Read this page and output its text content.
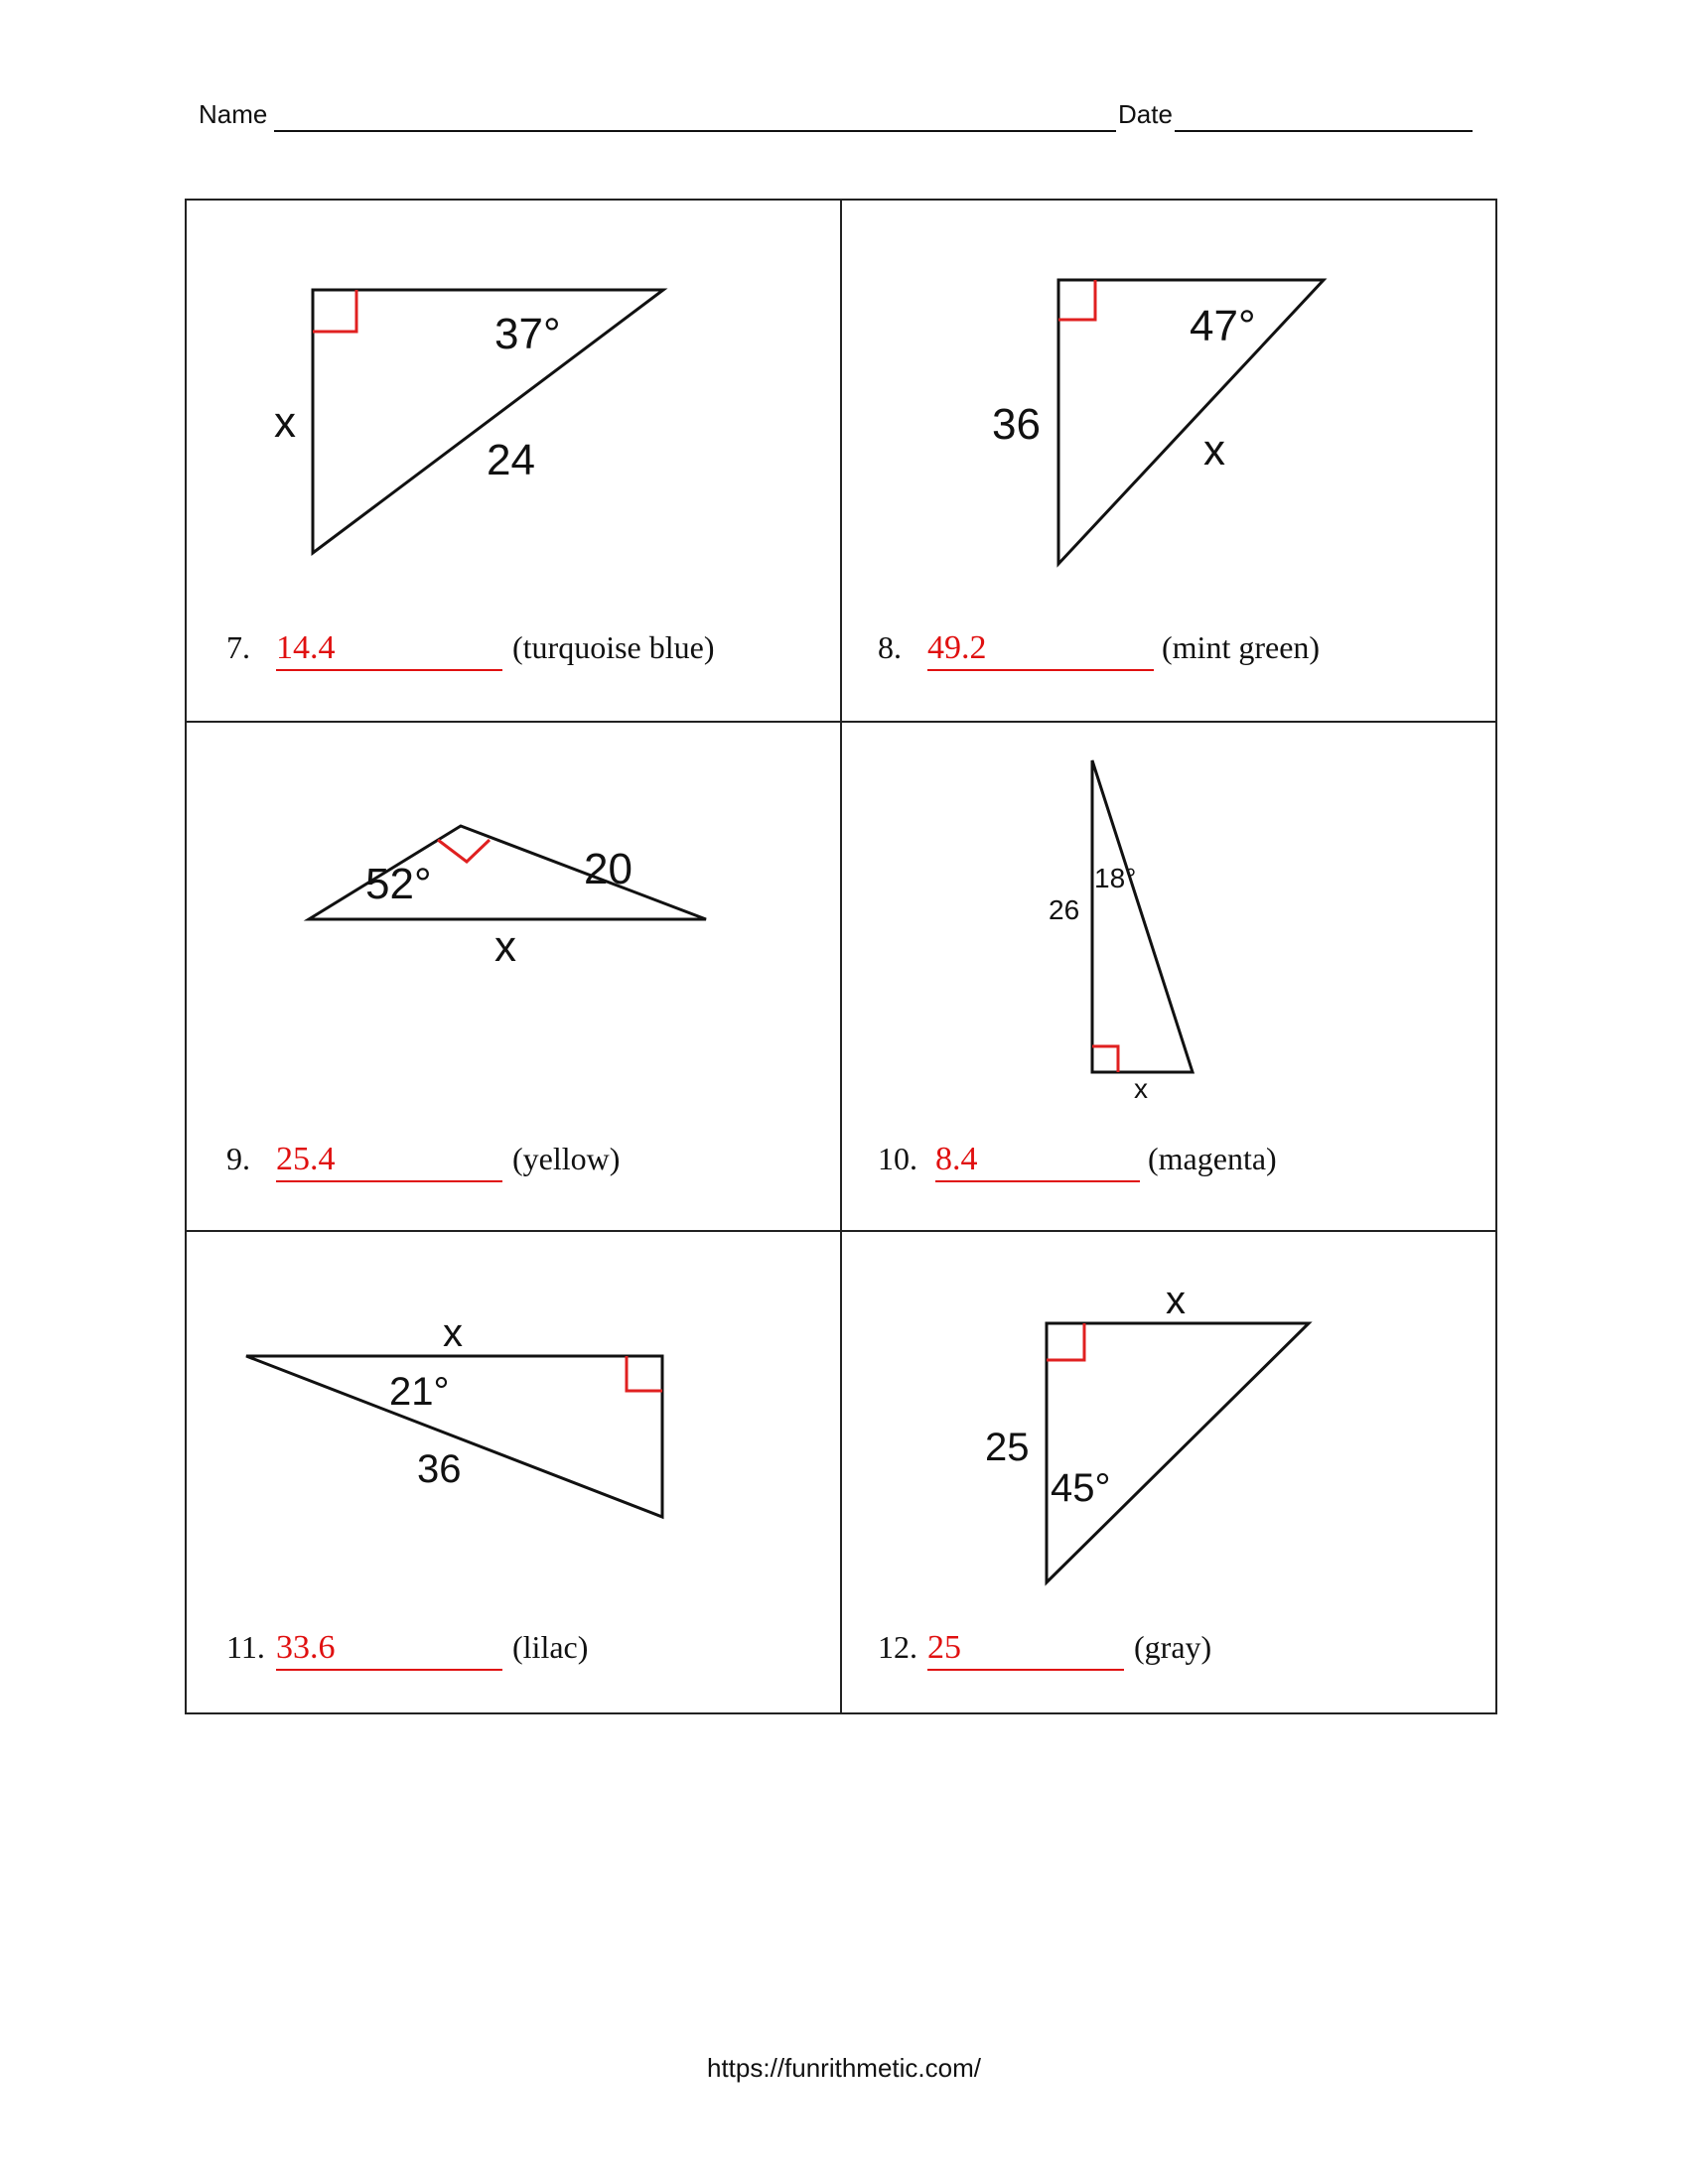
Name	Date
37°
x
24
7. 14.4	(turquoise blue)
47°
36
x
8. 49.2	(mint green)
20
52°
x
9. 25.4	(yellow)
18°
26
x
10. 8.4	(magenta)
x
21°
36
11. 33.6	(lilac)
x
25
45°
12. 25	(gray)
https://funrithmetic.com/
